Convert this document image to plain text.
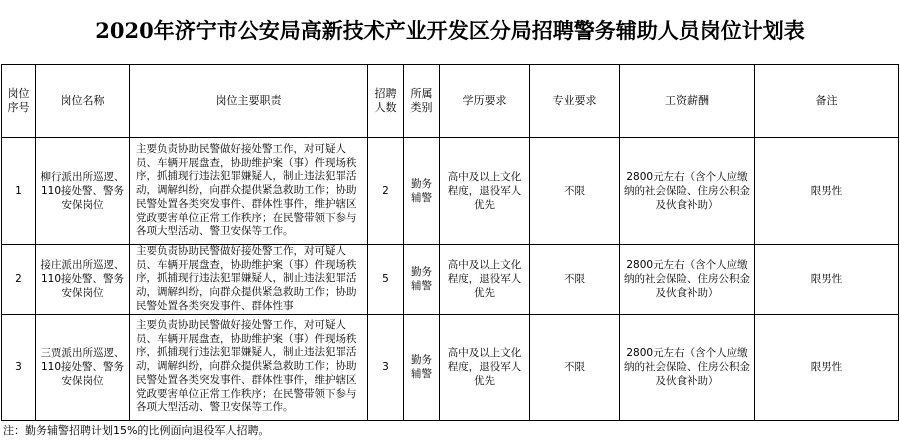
2020年济宁市公安局高新技术产业开发区分局招聘警务辅助人员岗位计划表
岗位序号	岗位名称	岗位主要职责	招聘人数	所属类别	学历要求	专业要求	工资薪酬	备注
1	柳行派出所巡逻、110接处警、警务安保岗位	主要负责协助民警做好接处警工作，对可疑人员、车辆开展盘查，协助维护案（事）件现场秩序，抓捕现行违法犯罪嫌疑人，制止违法犯罪活动，调解纠纷，向群众提供紧急救助工作；协助民警处置各类突发事件、群体性事件，维护辖区党政要害单位正常工作秩序；在民警带领下参与各项大型活动、警卫安保等工作。	2	勤务辅警	高中及以上文化程度，退役军人优先	不限	2800元左右（含个人应缴纳的社会保险、住房公积金及伙食补助）	限男性
2	接庄派出所巡逻、110接处警、警务安保岗位	主要负责协助民警做好接处警工作，对可疑人员、车辆开展盘查，协助维护案（事）件现场秩序，抓捕现行违法犯罪嫌疑人，制止违法犯罪活动，调解纠纷，向群众提供紧急救助工作；协助民警处置各类突发事件、群体性事	5	勤务辅警	高中及以上文化程度，退役军人优先	不限	2800元左右（含个人应缴纳的社会保险、住房公积金及伙食补助）	限男性
3	三贾派出所巡逻、110接处警、警务安保岗位	主要负责协助民警做好接处警工作，对可疑人员、车辆开展盘查，协助维护案（事）件现场秩序，抓捕现行违法犯罪嫌疑人，制止违法犯罪活动，调解纠纷，向群众提供紧急救助工作；协助民警处置各类突发事件、群体性事件，维护辖区党政要害单位正常工作秩序；在民警带领下参与各项大型活动、警卫安保等工作。	3	勤务辅警	高中及以上文化程度，退役军人优先	不限	2800元左右（含个人应缴纳的社会保险、住房公积金及伙食补助）	限男性
注：勤务辅警招聘计划15%的比例面向退役军人招聘。
